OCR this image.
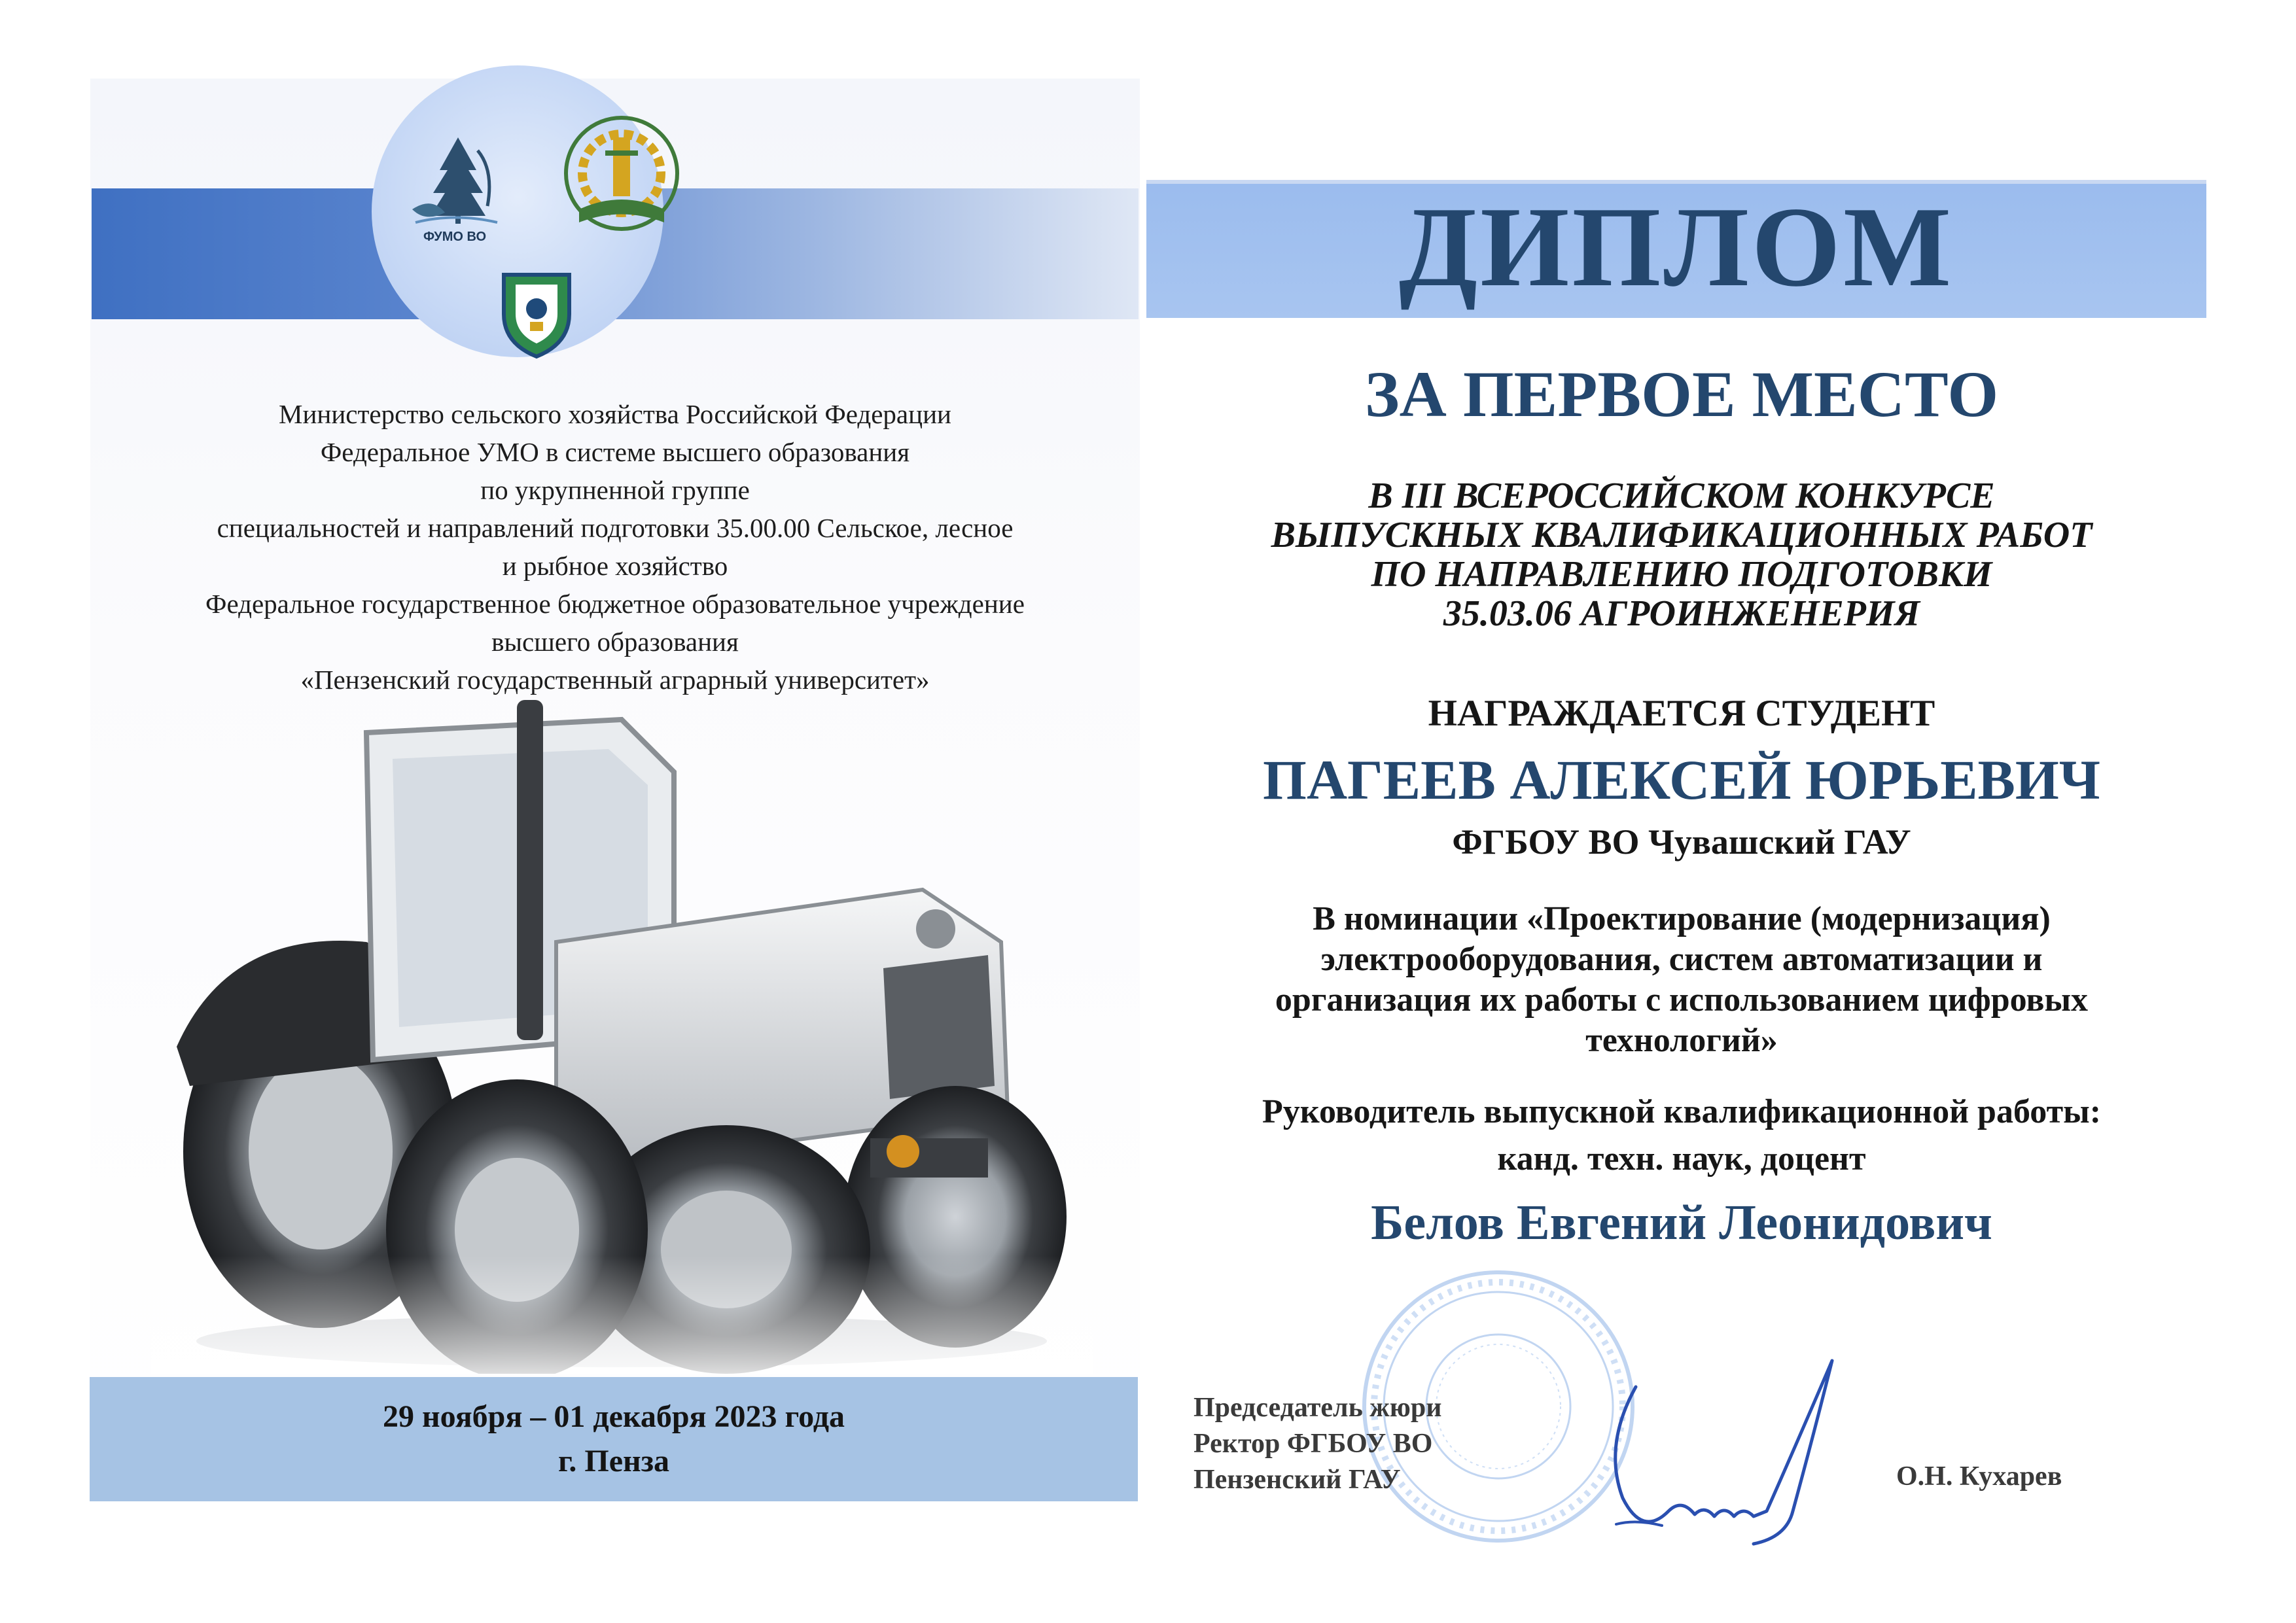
ФУМО ВО
Министерство сельского хозяйства Российской Федерации
Федеральное УМО в системе высшего образования
по укрупненной группе
специальностей и направлений подготовки 35.00.00 Сельское, лесное
и рыбное хозяйство
Федеральное государственное бюджетное образовательное учреждение
высшего образования
«Пензенский государственный аграрный университет»
29 ноября – 01 декабря 2023 года
г. Пенза
ДИПЛОМ
ЗА ПЕРВОЕ МЕСТО
В III ВСЕРОССИЙСКОМ КОНКУРСЕ
ВЫПУСКНЫХ КВАЛИФИКАЦИОННЫХ РАБОТ
ПО НАПРАВЛЕНИЮ ПОДГОТОВКИ
35.03.06 АГРОИНЖЕНЕРИЯ
НАГРАЖДАЕТСЯ СТУДЕНТ
ПАГЕЕВ АЛЕКСЕЙ ЮРЬЕВИЧ
ФГБОУ ВО Чувашский ГАУ
В номинации «Проектирование (модернизация)
электрооборудования, систем автоматизации и
организация их работы с использованием цифровых
технологий»
Руководитель выпускной квалификационной работы:
канд. техн. наук, доцент
Белов Евгений Леонидович
Председатель жюри
Ректор ФГБОУ ВО
Пензенский ГАУ	О.Н. Кухарев
